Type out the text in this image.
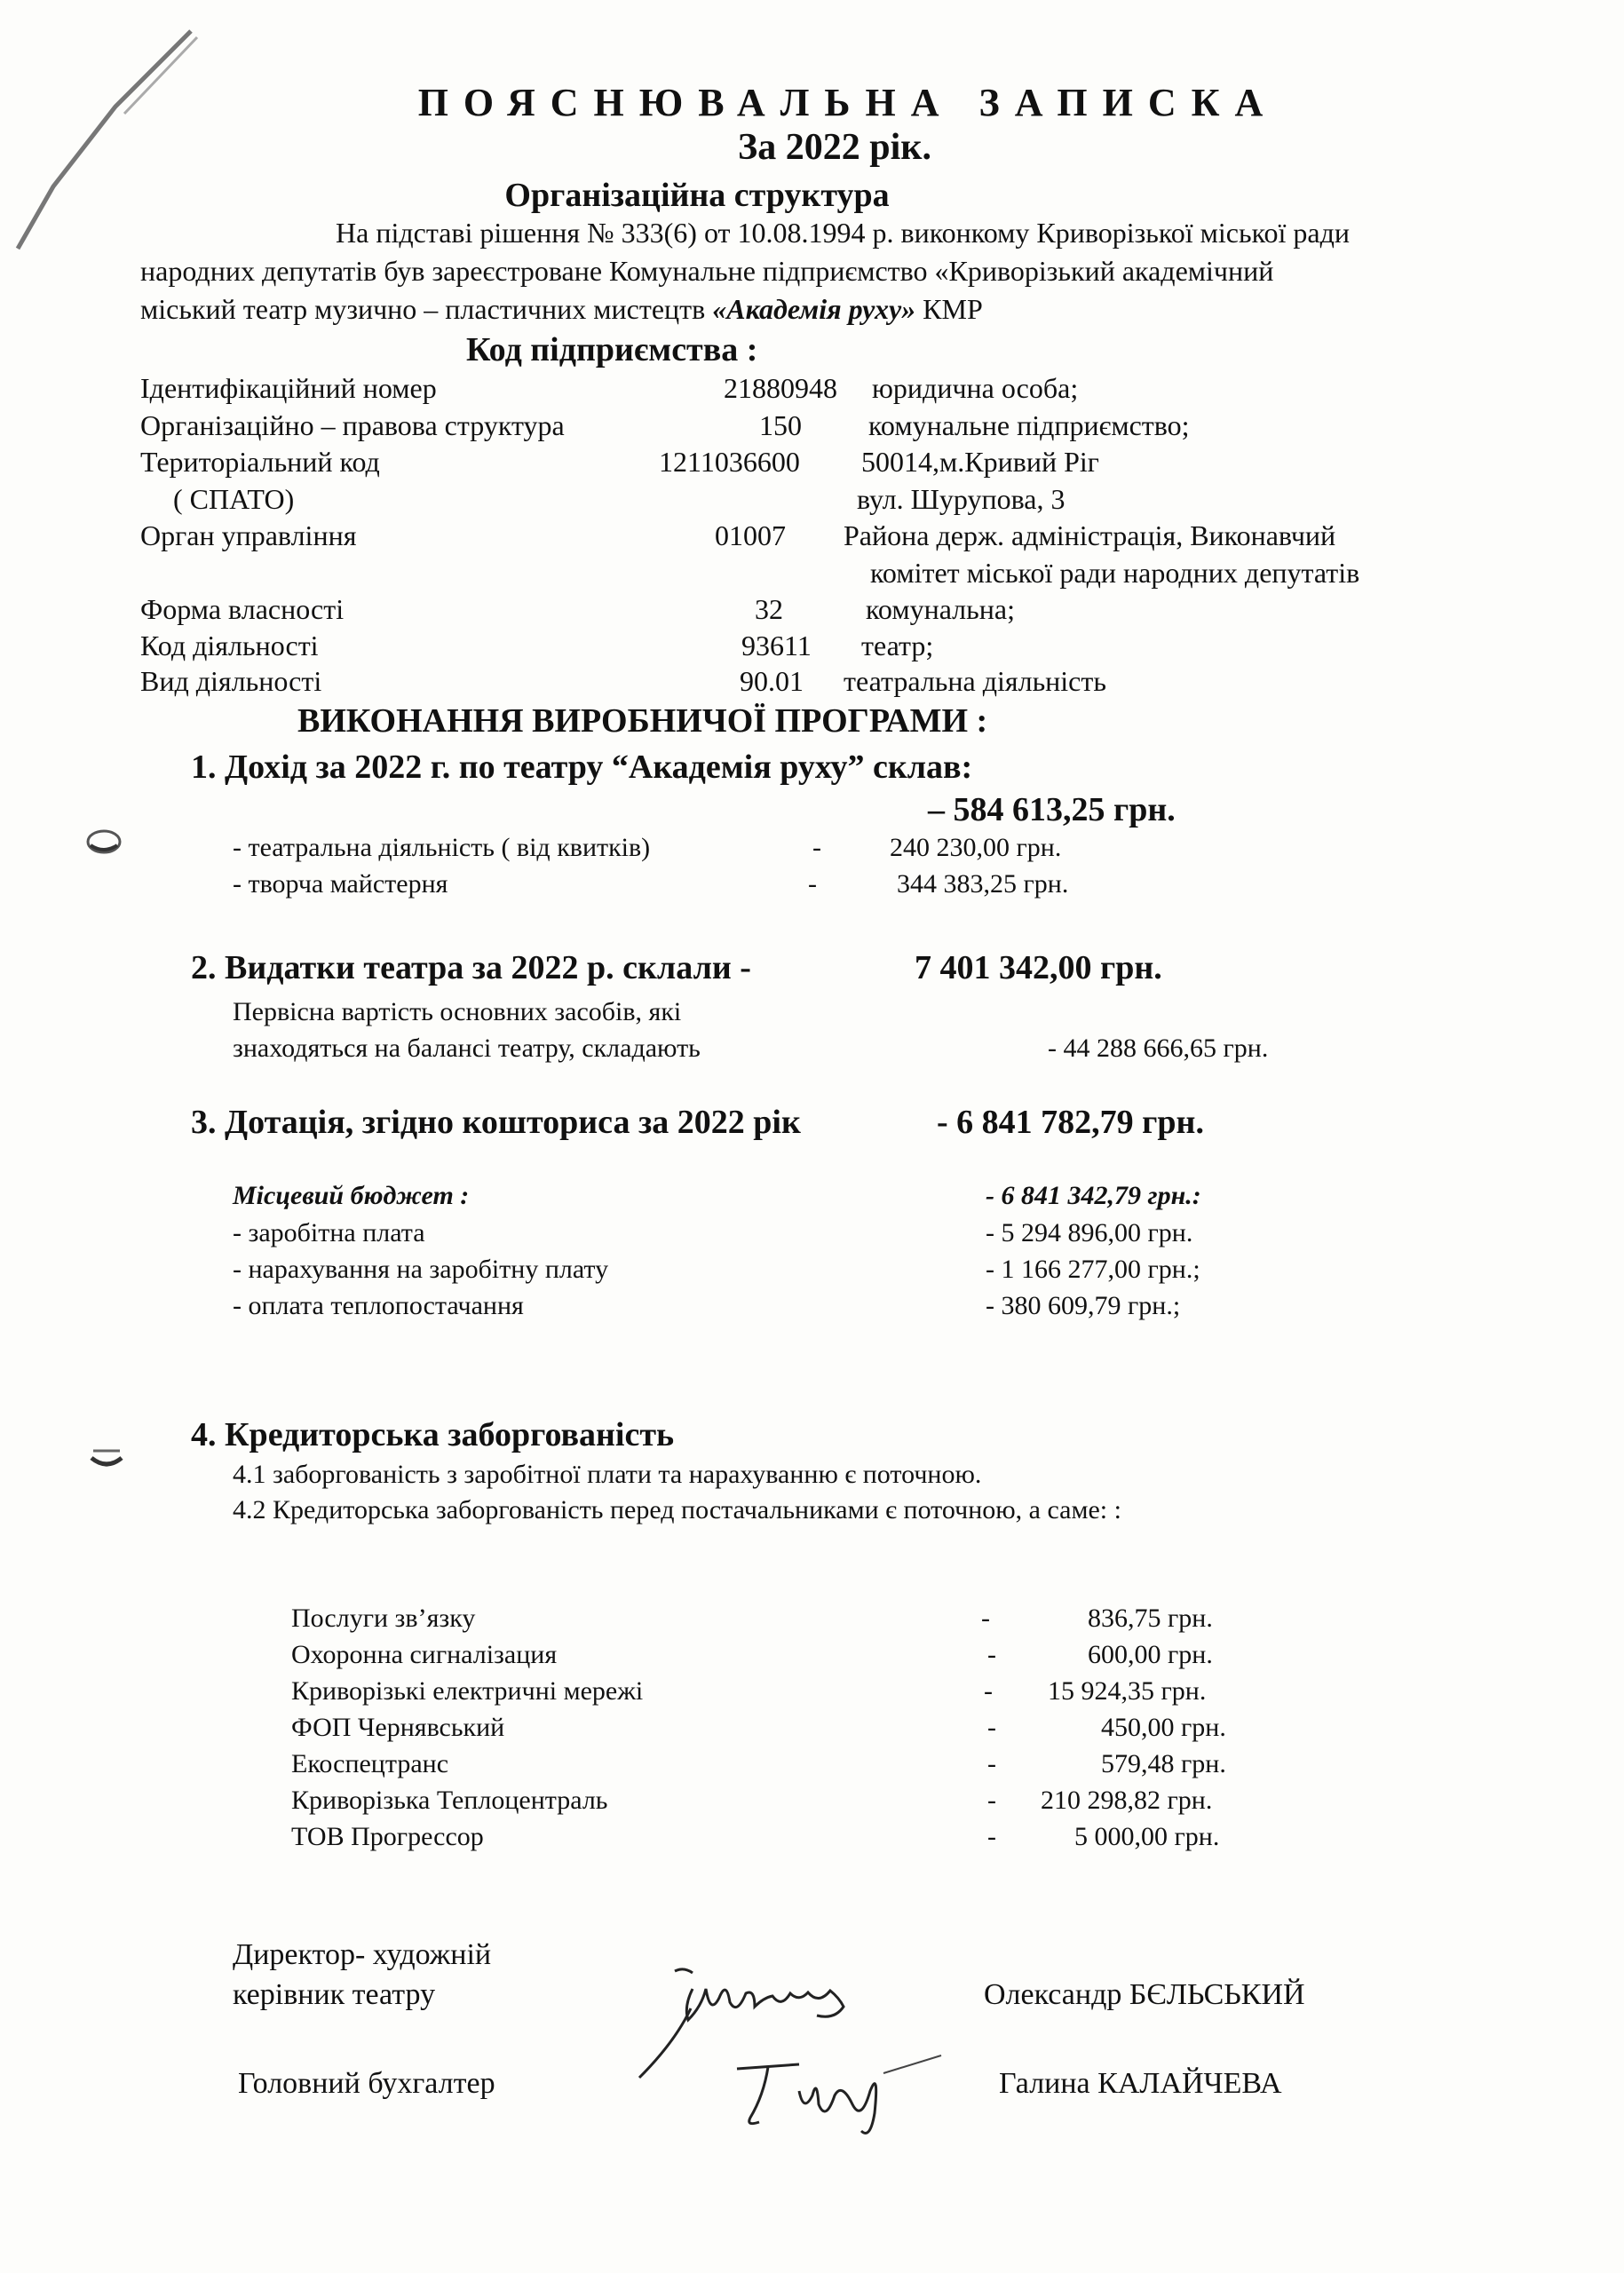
ПОЯСНЮВАЛЬНА ЗАПИСКА
За 2022 рік.
Організаційна структура
На підставі рішення № 333(6) от 10.08.1994 р. виконкому Криворізької міської ради
народних депутатів був зареєстроване Комунальне підприємство «Криворізький академічний
міський театр музично – пластичних мистецтв «Академія руху» КМР
Код підприємства :
Ідентифікаційний номер	21880948 юридична особа;
Організаційно – правова структура	150 комунальне підприємство;
Територіальний код	1211036600 50014,м.Кривий Ріг
( СПАТО)	вул. Шурупова, 3
Орган управління	01007 Района держ. адміністрація, Виконавчий
комітет міської ради народних депутатів
Форма власності	32	комунальна;
Код діяльності	93611 театр;
Вид діяльності	90.01 театральна діяльність
ВИКОНАННЯ ВИРОБНИЧОЇ ПРОГРАМИ :
1. Дохід за 2022 г. по театру “Академія руху” склав:
– 584 613,25 грн.
- театральна діяльність ( від квитків)	-	240 230,00 грн.
- творча майстерня	-	344 383,25 грн.
2. Видатки театра за 2022 р. склали -	7 401 342,00 грн.
Первісна вартість основних засобів, які
знаходяться на балансі театру, складають	- 44 288 666,65 грн.
3. Дотація, згідно кошториса за 2022 рік	- 6 841 782,79 грн.
Місцевий бюджет :	- 6 841 342,79 грн.:
- заробітна плата	- 5 294 896,00 грн.
- нарахування на заробітну плату	- 1 166 277,00 грн.;
- оплата теплопостачання	- 380 609,79 грн.;
4. Кредиторська заборгованість
4.1 заборгованість з заробітної плати та нарахуванню є поточною.
4.2 Кредиторська заборгованість перед постачальниками є поточною, а саме: :
Послуги зв’язку	-	836,75 грн.
Охоронна сигналізация	-	600,00 грн.
Криворізькі електричні мережі	- 15 924,35 грн.
ФОП Чернявський	-	450,00 грн.
Екоспецтранс	-	579,48 грн.
Криворізька Теплоцентраль	- 210 298,82 грн.
ТОВ Прогрессор	-	5 000,00 грн.
Директор- художній
керівник театру	Олександр БЄЛЬСЬКИЙ
Головний бухгалтер	Галина КАЛАЙЧЕВА
